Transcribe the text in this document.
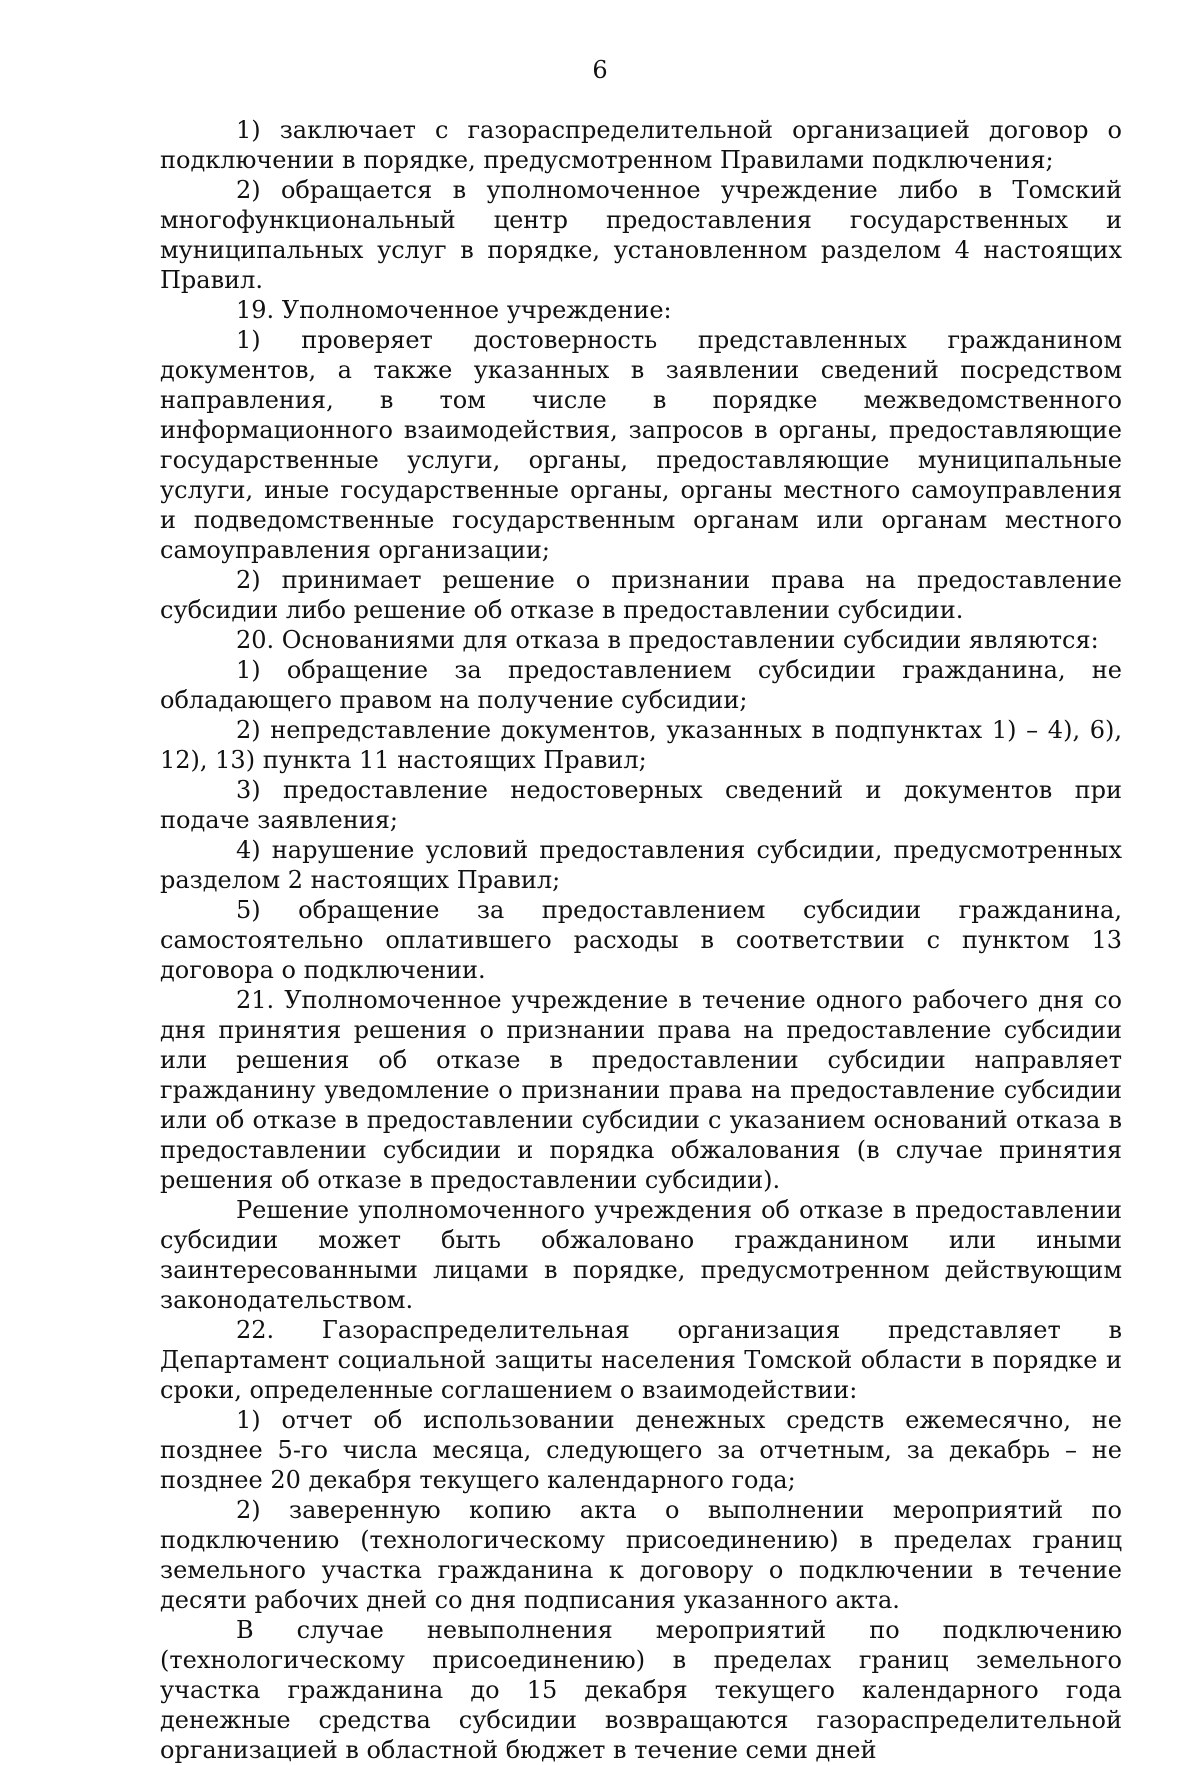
6

1) заключает с газораспределительной организацией договор о подключении в порядке, предусмотренном Правилами подключения;

2) обращается в уполномоченное учреждение либо в Томский многофункциональный центр предоставления государственных и муниципальных услуг в порядке, установленном разделом 4 настоящих Правил.

19. Уполномоченное учреждение:

1) проверяет достоверность представленных гражданином документов, а также указанных в заявлении сведений посредством направления, в том числе в порядке межведомственного информационного взаимодействия, запросов в органы, предоставляющие государственные услуги, органы, предоставляющие муниципальные услуги, иные государственные органы, органы местного самоуправления и подведомственные государственным органам или органам местного самоуправления организации;

2) принимает решение о признании права на предоставление субсидии либо решение об отказе в предоставлении субсидии.

20. Основаниями для отказа в предоставлении субсидии являются:

1) обращение за предоставлением субсидии гражданина, не обладающего правом на получение субсидии;

2) непредставление документов, указанных в подпунктах 1) – 4), 6), 12), 13) пункта 11 настоящих Правил;

3) предоставление недостоверных сведений и документов при подаче заявления;

4) нарушение условий предоставления субсидии, предусмотренных разделом 2 настоящих Правил;

5) обращение за предоставлением субсидии гражданина, самостоятельно оплатившего расходы в соответствии с пунктом 13 договора о подключении.

21. Уполномоченное учреждение в течение одного рабочего дня со дня принятия решения о признании права на предоставление субсидии или решения об отказе в предоставлении субсидии направляет гражданину уведомление о признании права на предоставление субсидии или об отказе в предоставлении субсидии с указанием оснований отказа в предоставлении субсидии и порядка обжалования (в случае принятия решения об отказе в предоставлении субсидии).

Решение уполномоченного учреждения об отказе в предоставлении субсидии может быть обжаловано гражданином или иными заинтересованными лицами в порядке, предусмотренном действующим законодательством.

22. Газораспределительная организация представляет в Департамент социальной защиты населения Томской области в порядке и сроки, определенные соглашением о взаимодействии:

1) отчет об использовании денежных средств ежемесячно, не позднее 5-го числа месяца, следующего за отчетным, за декабрь – не позднее 20 декабря текущего календарного года;

2) заверенную копию акта о выполнении мероприятий по подключению (технологическому присоединению) в пределах границ земельного участка гражданина к договору о подключении в течение десяти рабочих дней со дня подписания указанного акта.

В случае невыполнения мероприятий по подключению (технологическому присоединению) в пределах границ земельного участка гражданина до 15 декабря текущего календарного года денежные средства субсидии возвращаются газораспределительной организацией в областной бюджет в течение семи дней
